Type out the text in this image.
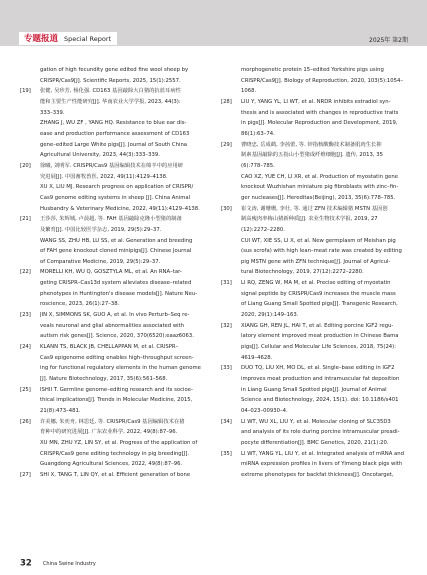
专题报道 Special Report	2025年 第2期
gation of high fecundity gene edited fine wool sheep by
CRISPR/Cas9[J]. Scientific Reports, 2025, 15(1):2557.
[19] 张健, 吴珍芳, 杨化强. CD163 基因敲除大白猪的抗蓝耳病性
能和主要生产性能研究[J]. 华南农业大学学报, 2023, 44(3):
333–339.
ZHANG J, WU ZF , YANG HQ. Resistance to blue ear dis-
ease and production performance assessment of CD163
gene–edited Large White pigs[J]. Journal of South China
Agricultural University, 2023, 44(3):333–339.
[20] 徐曦, 刘明军. CRISPR/Cas9 基因编辑技术在绵羊中的应用研
究进展[J]. 中国畜牧兽医, 2022, 49(11):4129–4138.
XU X, LIU MJ. Research progress on application of CRISPR/
Cas9 genome editing systems in sheep [J]. China Animal
Husbandry & Veterinary Medicine, 2022, 49(11):4129–4138.
[21] 王莎莎, 朱辉城, 卢晨超, 等. FAH 基因敲除克隆小型猪的制备
及繁育[J]. 中国比较医学杂志, 2019, 29(5):29–37.
WANG SS, ZHU HB, LU SS, et al. Generation and breeding
of FAH gene knockout cloned minipigs[J]. Chinese Journal
of Comparative Medicine, 2019, 29(5):29–37.
[22] MORELLI KH, WU Q, GOSZTYLA ML, et al. An RNA–tar-
geting CRISPR–Cas13d system alleviates disease–related
phenotypes in Huntington's disease models[J]. Nature Neu-
roscience, 2023, 26(1):27–38.
[23] JIN X, SIMMONS SK, GUO A, et al. In vivo Perturb–Seq re-
veals neuronal and glial abnormalities associated with
autism risk genes[J]. Science, 2020, 370(6520):eaaz6063.
[24] KLANN TS, BLACK JB, CHELLAPPAN M, et al. CRISPR–
Cas9 epigenome editing enables high–throughput screen-
ing for functional regulatory elements in the human genome
[J]. Nature Biotechnology, 2017, 35(6):561–568.
[25] ISHII T. Germline genome–editing research and its socioe-
thical implications[J]. Trends in Molecular Medicine, 2015,
21(8):473–481.
[26] 许美娜, 朱奕舟, 林思廷, 等. CRISPR/Cas9 基因编辑技术在猪
育种中的研究进展[J]. 广东农业科学, 2022, 49(8):87–96.
XU MN, ZHU YZ, LIN SY, et al. Progress of the application of
CRISPR/Cas9 gene editing technology in pig breeding[J].
Guangdong Agricultural Sciences, 2022, 49(8):87–96.
[27] SHI X, TANG T, LIN QY, et al. Efficient generation of bone
morphogenetic protein 15–edited Yorkshire pigs using
CRISPR/Cas9[J]. Biology of Reproduction, 2020, 103(5):1054–
1068.
[28] LIU Y, YANG YL, LI WT, et al. NRDR inhibits estradiol syn-
thesis and is associated with changes in reproductive traits
in pigs[J]. Molecular Reproduction and Development, 2019,
86(1):63–74.
[29] 曹晓忠, 岳成鹤, 李茜蕾, 等. 锌指核酸酶技术制备肌肉生长抑
制素基因敲除的五指山小型猪成纤维细胞[J]. 遗传, 2013, 35
(6):778–785.
CAO XZ, YUE CH, LI XR, et al. Production of myostatin gene
knockout Wuzhishan miniature pig fibroblasts with zinc–fin-
ger nucleases[J]. Hereditas(Beijing), 2013, 35(6):778–785.
[30] 崔文涛, 谢珊珊, 李壮, 等. 通过 ZFN 技术编辑猪 MSTN 基因创
制高瘦肉率梅山猪新种质[J]. 农业生物技术学报, 2019, 27
(12):2272–2280.
CUI WT, XIE SS, LI X, et al. New germplasm of Meishan pig
(sus scrofa) with high lean–meat rate was created by editing
pig MSTN gene with ZFN technique[J]. Journal of Agricul-
tural Biotechnology, 2019, 27(12):2272–2280.
[31] LI RQ, ZENG W, MA M, et al. Precise editing of myostatin
signal peptide by CRISPR/Cas9 increases the muscle mass
of Liang Guang Small Spotted pigs[J]. Transgenic Research,
2020, 29(1):149–163.
[32] XIANG GH, REN JL, HAI T, et al. Editing porcine IGF2 regu-
latory element improved meat production in Chinese Bama
pigs[J]. Cellular and Molecular Life Sciences, 2018, 75(24):
4619–4628.
[33] DUO TQ, LIU XH, MO DL, et al. Single–base editing in IGF2
improves meat production and intramuscular fat deposition
in Liang Guang Small Spotted pigs[J]. Journal of Animal
Science and Biotechnology, 2024, 15(1). doi: 10.1186/s401
04–023–00930–4.
[34] LI WT, WU XL, LIU Y, et al. Molecular cloning of SLC35D3
and analysis of its role during porcine intramuscular preadi-
pocyte differentiation[J]. BMC Genetics, 2020, 21(1):20.
[35] LI WT, YANG YL, LIU Y, et al. Integrated analysis of mRNA and
miRNA expression profiles in livers of Yimeng black pigs with
extreme phenotypes for backfat thickness[J]. Oncotarget,
32 China Swine Industry
